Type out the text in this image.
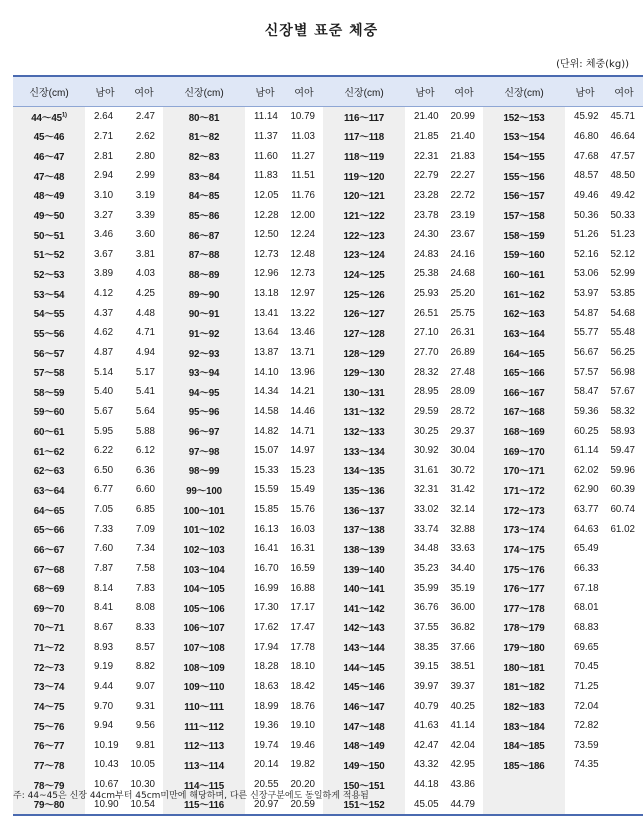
신장별 표준 체중
(단위: 체중(kg))
신장(cm)	남아	여아	신장(cm)	남아	여아	신장(cm)	남아	여아	신장(cm)	남아	여아
44～45$^{1)}$	2.64	2.47	80～81	11.14	10.79	116～117	21.40	20.99	152～153	45.92	45.71
45～46	2.71	2.62	81～82	11.37	11.03	117～118	21.85	21.40	153～154	46.80	46.64
46～47	2.81	2.80	82～83	11.60	11.27	118～119	22.31	21.83	154～155	47.68	47.57
47～48	2.94	2.99	83～84	11.83	11.51	119～120	22.79	22.27	155～156	48.57	48.50
48～49	3.10	3.19	84～85	12.05	11.76	120～121	23.28	22.72	156～157	49.46	49.42
49～50	3.27	3.39	85～86	12.28	12.00	121～122	23.78	23.19	157～158	50.36	50.33
50～51	3.46	3.60	86～87	12.50	12.24	122～123	24.30	23.67	158～159	51.26	51.23
51～52	3.67	3.81	87～88	12.73	12.48	123～124	24.83	24.16	159～160	52.16	52.12
52～53	3.89	4.03	88～89	12.96	12.73	124～125	25.38	24.68	160～161	53.06	52.99
53～54	4.12	4.25	89～90	13.18	12.97	125～126	25.93	25.20	161～162	53.97	53.85
54～55	4.37	4.48	90～91	13.41	13.22	126～127	26.51	25.75	162～163	54.87	54.68
55～56	4.62	4.71	91～92	13.64	13.46	127～128	27.10	26.31	163～164	55.77	55.48
56～57	4.87	4.94	92～93	13.87	13.71	128～129	27.70	26.89	164～165	56.67	56.25
57～58	5.14	5.17	93～94	14.10	13.96	129～130	28.32	27.48	165～166	57.57	56.98
58～59	5.40	5.41	94～95	14.34	14.21	130～131	28.95	28.09	166～167	58.47	57.67
59～60	5.67	5.64	95～96	14.58	14.46	131～132	29.59	28.72	167～168	59.36	58.32
60～61	5.95	5.88	96～97	14.82	14.71	132～133	30.25	29.37	168～169	60.25	58.93
61～62	6.22	6.12	97～98	15.07	14.97	133～134	30.92	30.04	169～170	61.14	59.47
62～63	6.50	6.36	98～99	15.33	15.23	134～135	31.61	30.72	170～171	62.02	59.96
63～64	6.77	6.60	99～100	15.59	15.49	135～136	32.31	31.42	171～172	62.90	60.39
64～65	7.05	6.85	100～101	15.85	15.76	136～137	33.02	32.14	172～173	63.77	60.74
65～66	7.33	7.09	101～102	16.13	16.03	137～138	33.74	32.88	173～174	64.63	61.02
66～67	7.60	7.34	102～103	16.41	16.31	138～139	34.48	33.63	174～175	65.49	
67～68	7.87	7.58	103～104	16.70	16.59	139～140	35.23	34.40	175～176	66.33	
68～69	8.14	7.83	104～105	16.99	16.88	140～141	35.99	35.19	176～177	67.18	
69～70	8.41	8.08	105～106	17.30	17.17	141～142	36.76	36.00	177～178	68.01	
70～71	8.67	8.33	106～107	17.62	17.47	142～143	37.55	36.82	178～179	68.83	
71～72	8.93	8.57	107～108	17.94	17.78	143～144	38.35	37.66	179～180	69.65	
72～73	9.19	8.82	108～109	18.28	18.10	144～145	39.15	38.51	180～181	70.45	
73～74	9.44	9.07	109～110	18.63	18.42	145～146	39.97	39.37	181～182	71.25	
74～75	9.70	9.31	110～111	18.99	18.76	146～147	40.79	40.25	182～183	72.04	
75～76	9.94	9.56	111～112	19.36	19.10	147～148	41.63	41.14	183～184	72.82	
76～77	10.19	9.81	112～113	19.74	19.46	148～149	42.47	42.04	184～185	73.59	
77～78	10.43	10.05	113～114	20.14	19.82	149～150	43.32	42.95	185～186	74.35	
78～79	10.67	10.30	114～115	20.55	20.20	150～151	44.18	43.86			
79～80	10.90	10.54	115～116	20.97	20.59	151～152	45.05	44.79			
주: 44~45은 신장 44cm부터 45cm미만에 해당하며, 다른 신장구분에도 동일하게 적용됨
